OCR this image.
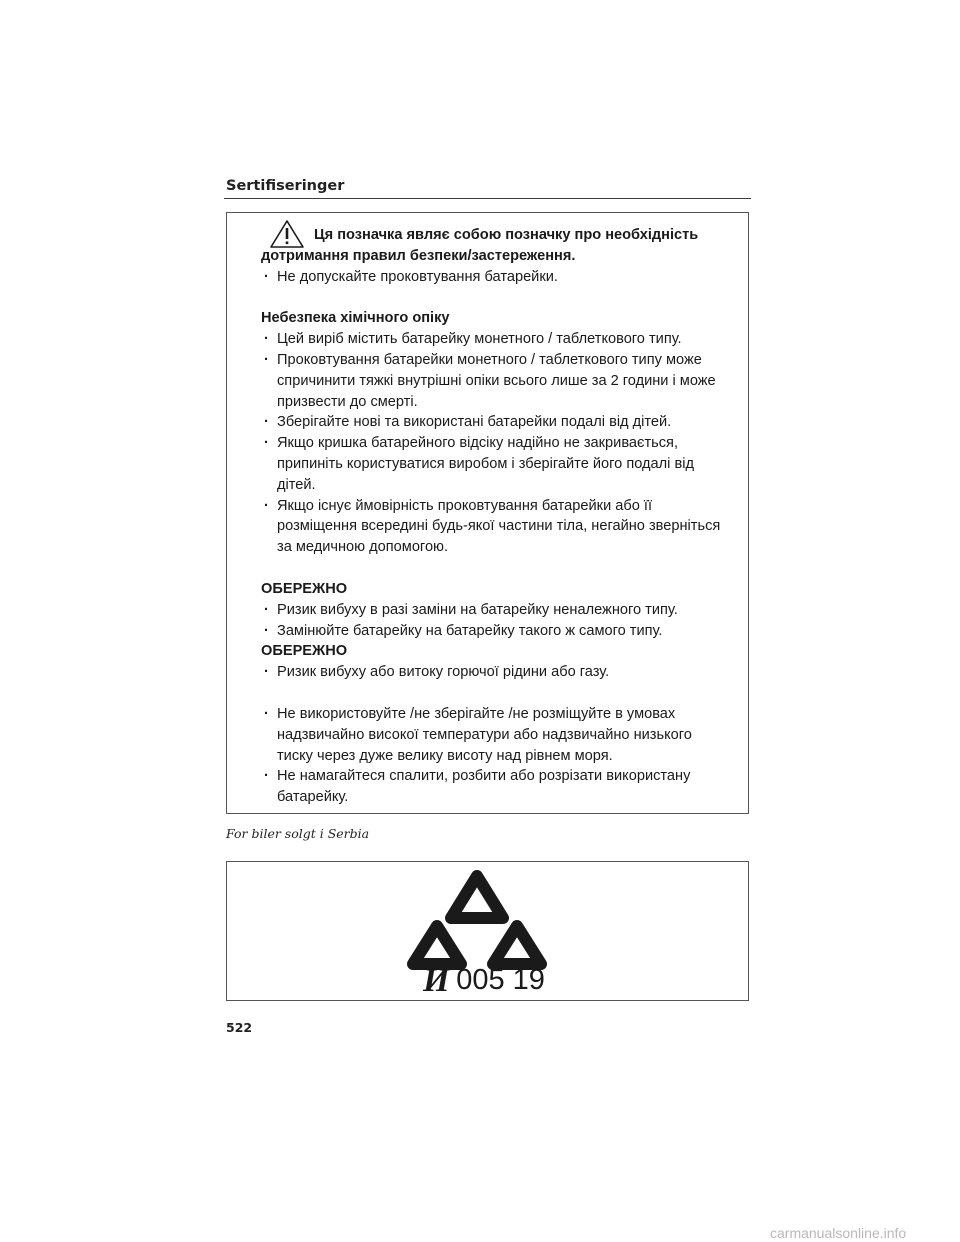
Sertifiseringer
Ця позначка являє собою позначку про необхідність
дотримання правил безпеки/застереження.
· Не допускайте проковтування батарейки.
Небезпека хімічного опіку
· Цей виріб містить батарейку монетного / таблеткового типу.
· Проковтування батарейки монетного / таблеткового типу може спричинити тяжкі внутрішні опіки всього лише за 2 години і може призвести до смерті.
· Зберігайте нові та використані батарейки подалі від дітей.
· Якщо кришка батарейного відсіку надійно не закривається, припиніть користуватися виробом і зберігайте його подалі від дітей.
· Якщо існує ймовірність проковтування батарейки або її розміщення всередині будь-якої частини тіла, негайно зверніться за медичною допомогою.
ОБЕРЕЖНО
· Ризик вибуху в разі заміни на батарейку неналежного типу.
· Замінюйте батарейку на батарейку такого ж самого типу.
ОБЕРЕЖНО
· Ризик вибуху або витоку горючої рідини або газу.
· Не використовуйте /не зберігайте /не розміщуйте в умовах надзвичайно високої температури або надзвичайно низького тиску через дуже велику висоту над рівнем моря.
· Не намагайтеся спалити, розбити або розрізати використану батарейку.
For biler solgt i Serbia
И 005 19
522
carmanualsonline.info
